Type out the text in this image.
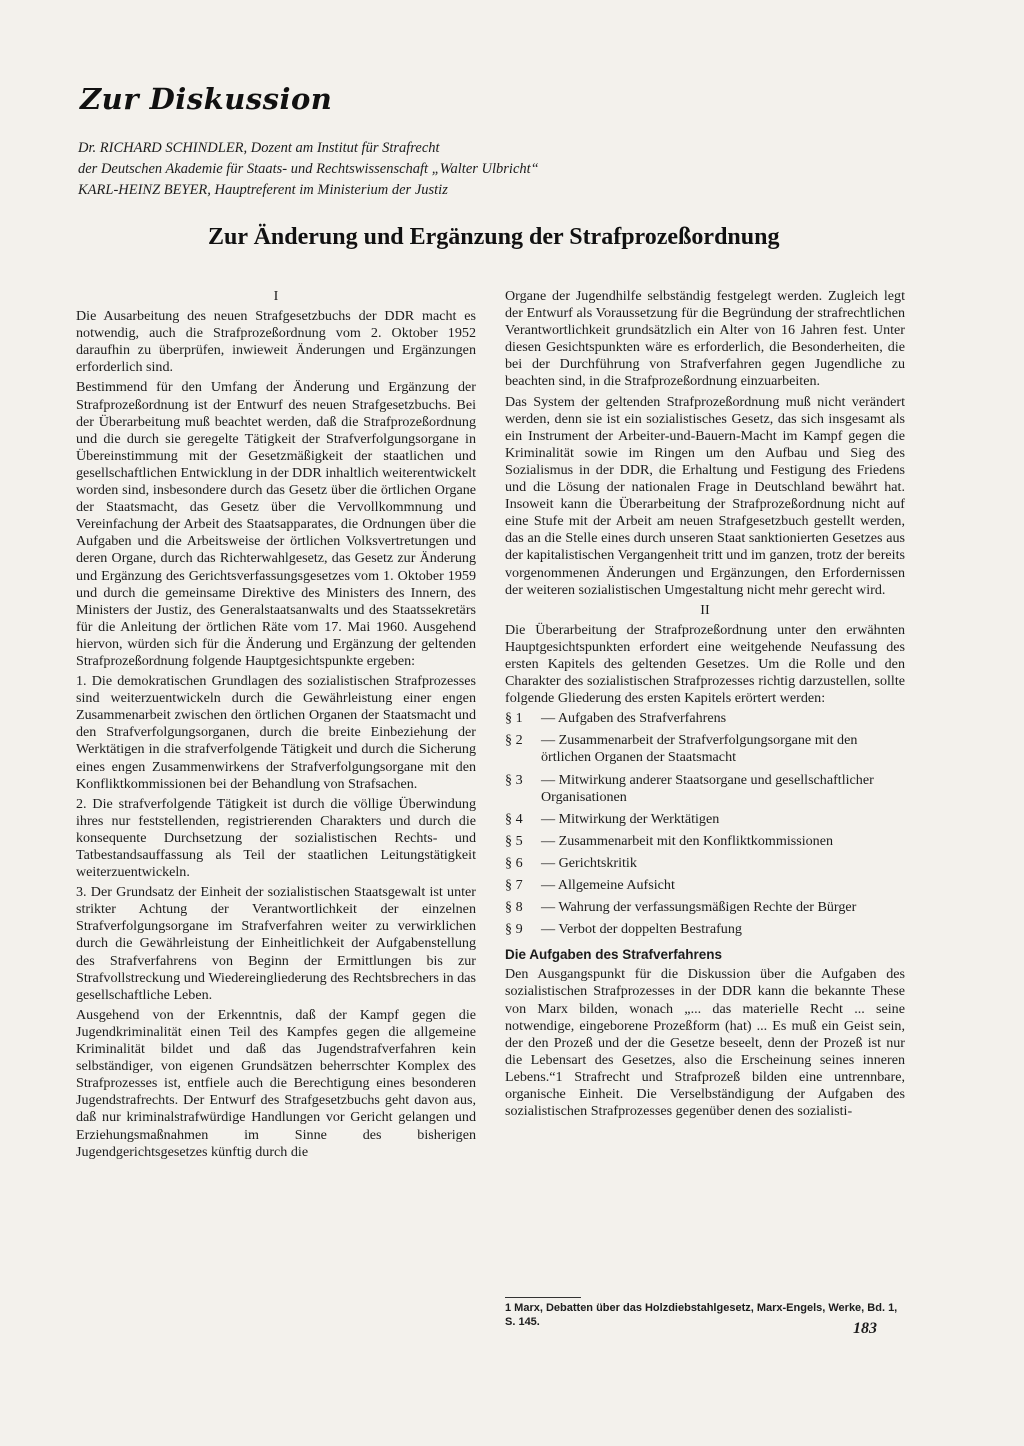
Zur Diskussion
Dr. RICHARD SCHINDLER, Dozent am Institut für Strafrecht
der Deutschen Akademie für Staats- und Rechtswissenschaft „Walter Ulbricht“
KARL-HEINZ BEYER, Hauptreferent im Ministerium der Justiz
Zur Änderung und Ergänzung der Strafprozeßordnung

I

Die Ausarbeitung des neuen Strafgesetzbuchs der DDR macht es notwendig, auch die Strafprozeßordnung vom 2. Oktober 1952 daraufhin zu überprüfen, inwieweit Änderungen und Ergänzungen erforderlich sind.

Bestimmend für den Umfang der Änderung und Ergänzung der Strafprozeßordnung ist der Entwurf des neuen Strafgesetzbuchs. Bei der Überarbeitung muß beachtet werden, daß die Strafprozeßordnung und die durch sie geregelte Tätigkeit der Strafverfolgungsorgane in Übereinstimmung mit der Gesetzmäßigkeit der staatlichen und gesellschaftlichen Entwicklung in der DDR inhaltlich weiterentwickelt worden sind, insbesondere durch das Gesetz über die örtlichen Organe der Staatsmacht, das Gesetz über die Vervollkommnung und Vereinfachung der Arbeit des Staatsapparates, die Ordnungen über die Aufgaben und die Arbeitsweise der örtlichen Volksvertretungen und deren Organe, durch das Richterwahlgesetz, das Gesetz zur Änderung und Ergänzung des Gerichtsverfassungsgesetzes vom 1. Oktober 1959 und durch die gemeinsame Direktive des Ministers des Innern, des Ministers der Justiz, des Generalstaatsanwalts und des Staatssekretärs für die Anleitung der örtlichen Räte vom 17. Mai 1960. Ausgehend hiervon, würden sich für die Änderung und Ergänzung der geltenden Strafprozeßordnung folgende Hauptgesichtspunkte ergeben:

1. Die demokratischen Grundlagen des sozialistischen Strafprozesses sind weiterzuentwickeln durch die Gewährleistung einer engen Zusammenarbeit zwischen den örtlichen Organen der Staatsmacht und den Strafverfolgungsorganen, durch die breite Einbeziehung der Werktätigen in die strafverfolgende Tätigkeit und durch die Sicherung eines engen Zusammenwirkens der Strafverfolgungsorgane mit den Konfliktkommissionen bei der Behandlung von Strafsachen.

2. Die strafverfolgende Tätigkeit ist durch die völlige Überwindung ihres nur feststellenden, registrierenden Charakters und durch die konsequente Durchsetzung der sozialistischen Rechts- und Tatbestandsauffassung als Teil der staatlichen Leitungstätigkeit weiterzuentwickeln.

3. Der Grundsatz der Einheit der sozialistischen Staatsgewalt ist unter strikter Achtung der Verantwortlichkeit der einzelnen Strafverfolgungsorgane im Strafverfahren weiter zu verwirklichen durch die Gewährleistung der Einheitlichkeit der Aufgabenstellung des Strafverfahrens von Beginn der Ermittlungen bis zur Strafvollstreckung und Wiedereingliederung des Rechtsbrechers in das gesellschaftliche Leben.

Ausgehend von der Erkenntnis, daß der Kampf gegen die Jugendkriminalität einen Teil des Kampfes gegen die allgemeine Kriminalität bildet und daß das Jugendstrafverfahren kein selbständiger, von eigenen Grundsätzen beherrschter Komplex des Strafprozesses ist, entfiele auch die Berechtigung eines besonderen Jugendstrafrechts. Der Entwurf des Strafgesetzbuchs geht davon aus, daß nur kriminalstrafwürdige Handlungen vor Gericht gelangen und Erziehungsmaßnahmen im Sinne des bisherigen Jugendgerichtsgesetzes künftig durch die

Organe der Jugendhilfe selbständig festgelegt werden. Zugleich legt der Entwurf als Voraussetzung für die Begründung der strafrechtlichen Verantwortlichkeit grundsätzlich ein Alter von 16 Jahren fest. Unter diesen Gesichtspunkten wäre es erforderlich, die Besonderheiten, die bei der Durchführung von Strafverfahren gegen Jugendliche zu beachten sind, in die Strafprozeßordnung einzuarbeiten.

Das System der geltenden Strafprozeßordnung muß nicht verändert werden, denn sie ist ein sozialistisches Gesetz, das sich insgesamt als ein Instrument der Arbeiter-und-Bauern-Macht im Kampf gegen die Kriminalität sowie im Ringen um den Aufbau und Sieg des Sozialismus in der DDR, die Erhaltung und Festigung des Friedens und die Lösung der nationalen Frage in Deutschland bewährt hat. Insoweit kann die Überarbeitung der Strafprozeßordnung nicht auf eine Stufe mit der Arbeit am neuen Strafgesetzbuch gestellt werden, das an die Stelle eines durch unseren Staat sanktionierten Gesetzes aus der kapitalistischen Vergangenheit tritt und im ganzen, trotz der bereits vorgenommenen Änderungen und Ergänzungen, den Erfordernissen der weiteren sozialistischen Umgestaltung nicht mehr gerecht wird.

II

Die Überarbeitung der Strafprozeßordnung unter den erwähnten Hauptgesichtspunkten erfordert eine weitgehende Neufassung des ersten Kapitels des geltenden Gesetzes. Um die Rolle und den Charakter des sozialistischen Strafprozesses richtig darzustellen, sollte folgende Gliederung des ersten Kapitels erörtert werden:

§ 1	— Aufgaben des Strafverfahrens
§ 2	— Zusammenarbeit der Strafverfolgungsorgane mit den örtlichen Organen der Staatsmacht
§ 3	— Mitwirkung anderer Staatsorgane und gesellschaftlicher Organisationen
§ 4	— Mitwirkung der Werktätigen
§ 5	— Zusammenarbeit mit den Konfliktkommissionen
§ 6	— Gerichtskritik
§ 7	— Allgemeine Aufsicht
§ 8	— Wahrung der verfassungsmäßigen Rechte der Bürger
§ 9	— Verbot der doppelten Bestrafung

Die Aufgaben des Strafverfahrens

Den Ausgangspunkt für die Diskussion über die Aufgaben des sozialistischen Strafprozesses in der DDR kann die bekannte These von Marx bilden, wonach „... das materielle Recht ... seine notwendige, eingeborene Prozeßform (hat) ... Es muß ein Geist sein, der den Prozeß und der die Gesetze beseelt, denn der Prozeß ist nur die Lebensart des Gesetzes, also die Erscheinung seines inneren Lebens.“1 Strafrecht und Strafprozeß bilden eine untrennbare, organische Einheit. Die Verselbständigung der Aufgaben des sozialistischen Strafprozesses gegenüber denen des sozialisti-

1 Marx, Debatten über das Holzdiebstahlgesetz, Marx-Engels, Werke, Bd. 1, S. 145.	183
